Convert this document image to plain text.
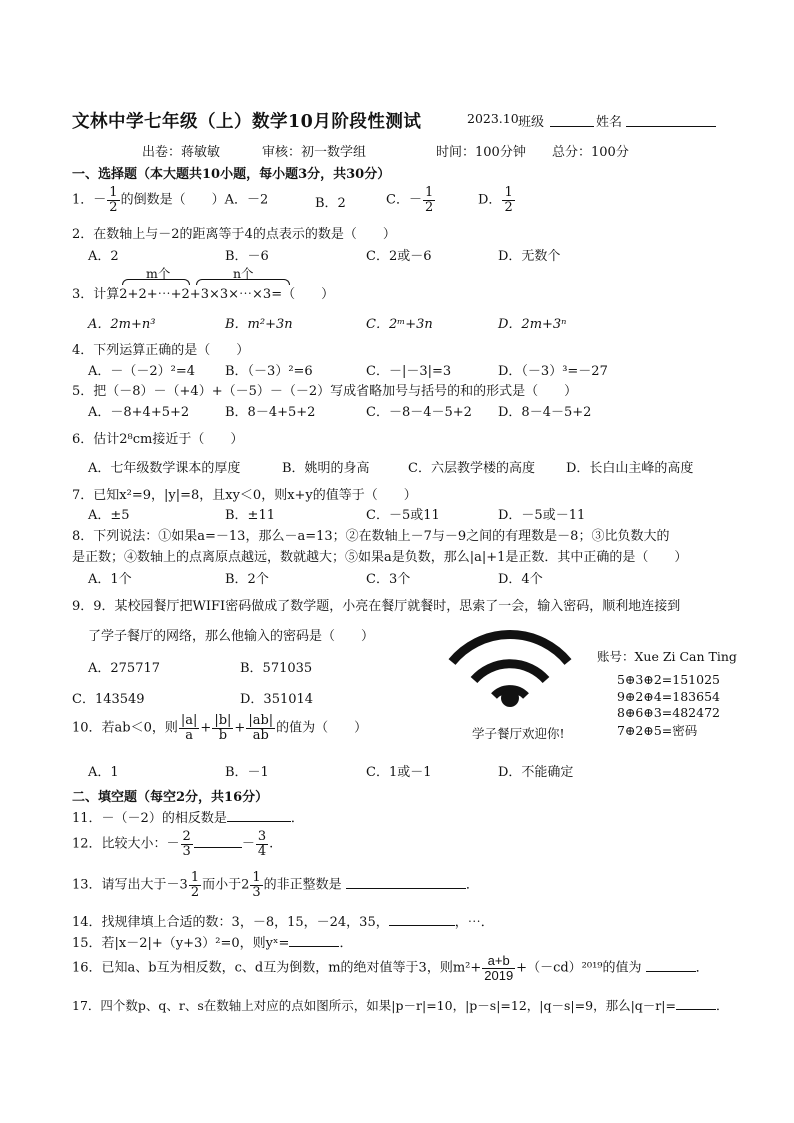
文林中学七年级（上）数学10月阶段性测试	2023.10 班级	姓名
出卷：蒋敏敏	审核：初一数学组	时间：100分钟 总分：100分
一、选择题（本大题共10小题，每小题3分，共30分）
1．－ $\frac{1}{2}$ 的倒数是（　　）A．－2	B．2	C．－ $\frac{1}{2}$	D． $\frac{1}{2}$
2．在数轴上与－2的距离等于4的点表示的数是（　　）
A．2	B．－6	C．2或－6	D．无数个
m个	n个
3．计算2+2+⋯+2+3×3×⋯×3=（　　）
A．2m+n³	B．m²+3n	C．2ᵐ+3n	D．2m+3ⁿ
4．下列运算正确的是（　　）
A．－（－2）²=4 B．（－3）²=6	C．－|－3|=3	D．（－3）³=－27
5．把（－8）－（+4）+（－5）－（－2）写成省略加号与括号的和的形式是（　　）
A．－8+4+5+2	B．8－4+5+2	C．－8－4－5+2 D．8－4－5+2
6．估计2⁸cm接近于（　　）
A．七年级数学课本的厚度	B．姚明的身高	C．六层教学楼的高度 D．长白山主峰的高度
7．已知x²=9，|y|=8，且xy＜0，则x+y的值等于（　　）
A．±5	B．±11	C．－5或11	D．－5或－11
8．下列说法：①如果a=－13，那么－a=13；②在数轴上－7与－9之间的有理数是－8；③比负数大的
是正数；④数轴上的点离原点越远，数就越大；⑤如果a是负数，那么|a|+1是正数．其中正确的是（　　）
A．1个	B．2个	C．3个	D．4个
9．9．某校园餐厅把WIFI密码做成了数学题，小亮在餐厅就餐时，思索了一会，输入密码，顺利地连接到
了学子餐厅的网络，那么他输入的密码是（　　）
A．275717	B．571035
C．143549	D．351014
学子餐厅欢迎你!
账号：Xue Zi Can Ting
5⊕3⊕2=151025
9⊕2⊕4=183654
8⊕6⊕3=482472
7⊕2⊕5=密码
10．若ab＜0，则 $\frac{|a|}{a} + \frac{|b|}{b} + \frac{|ab|}{ab}$ 的值为（　　）
A．1	B．－1	C．1或－1	D．不能确定
二、填空题（每空2分，共16分）
11．－（－2）的相反数是	．
12．比较大小：－ $\frac{2}{3}$	－ $\frac{3}{4}$ .
13．请写出大于$-3 \frac{1}{2}$ 而小于$2 \frac{1}{3}$ 的非正整数是	．
14．找规律填上合适的数：3，－8，15，－24，35，	，⋯．
15．若|x－2|+（y+3）²=0，则yˣ=	．
16．已知a、b互为相反数，c、d互为倒数，m的绝对值等于3，则$m^2+ \frac{a+b}{2019} +(-cd)^{2019}$的值为	．
17．四个数p、q、r、s在数轴上对应的点如图所示，如果|p－r|=10，|p－s|=12，|q－s|=9，那么|q－r|=	．
